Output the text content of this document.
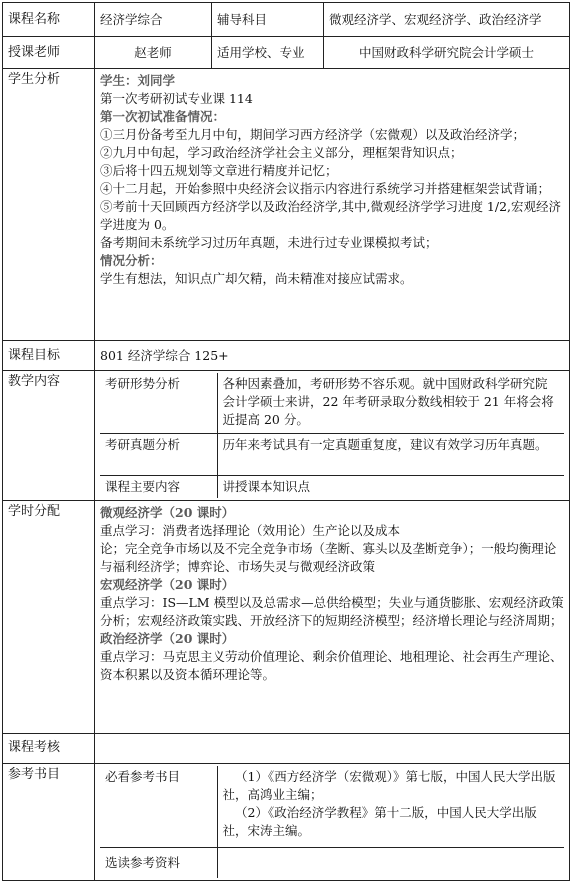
课程名称	经济学综合	辅导科目	微观经济学、宏观经济学、政治经济学
授课老师	赵老师	适用学校、专业	中国财政科学研究院会计学硕士
学生分析	学生：刘同学
第一次考研初试专业课 114
第一次初试准备情况：
①三月份备考至九月中旬，期间学习西方经济学（宏微观）以及政治经济学；
②九月中旬起，学习政治经济学社会主义部分，理框架背知识点；
③后将十四五规划等文章进行精度并记忆；
④十二月起，开始参照中央经济会议指示内容进行系统学习并搭建框架尝试背诵；
⑤考前十天回顾西方经济学以及政治经济学,其中,微观经济学学习进度 1/2,宏观经济学进度为 0。
备考期间未系统学习过历年真题，未进行过专业课模拟考试；
情况分析：
学生有想法，知识点广却欠精，尚未精准对接应试需求。

课程目标	801 经济学综合 125+
教学内容		考研形势分析	各种因素叠加，考研形势不容乐观。就中国财政科学研究院会计学硕士来讲，22 年考研录取分数线相较于 21 年将会将近提高 20 分。
考研真题分析	历年来考试具有一定真题重复度，建议有效学习历年真题。
课程主要内容	讲授课本知识点

学时分配	微观经济学（20 课时）
重点学习：消费者选择理论（效用论）生产论以及成本
论；完全竞争市场以及不完全竞争市场（垄断、寡头以及垄断竞争）；一般均衡理论与福利经济学；博弈论、市场失灵与微观经济政策
宏观经济学（20 课时）
重点学习：IS—LM 模型以及总需求—总供给模型；失业与通货膨胀、宏观经济政策分析；宏观经济政策实践、开放经济下的短期经济模型；经济增长理论与经济周期；
政治经济学（20 课时）
重点学习：马克思主义劳动价值理论、剩余价值理论、地租理论、社会再生产理论、资本积累以及资本循环理论等。

课程考核	
参考书目		必看参考书目	（1）《西方经济学（宏微观）》第七版，中国人民大学出版社，高鸿业主编；
（2）《政治经济学教程》第十二版，中国人民大学出版社，宋涛主编。

选读参考资料	
